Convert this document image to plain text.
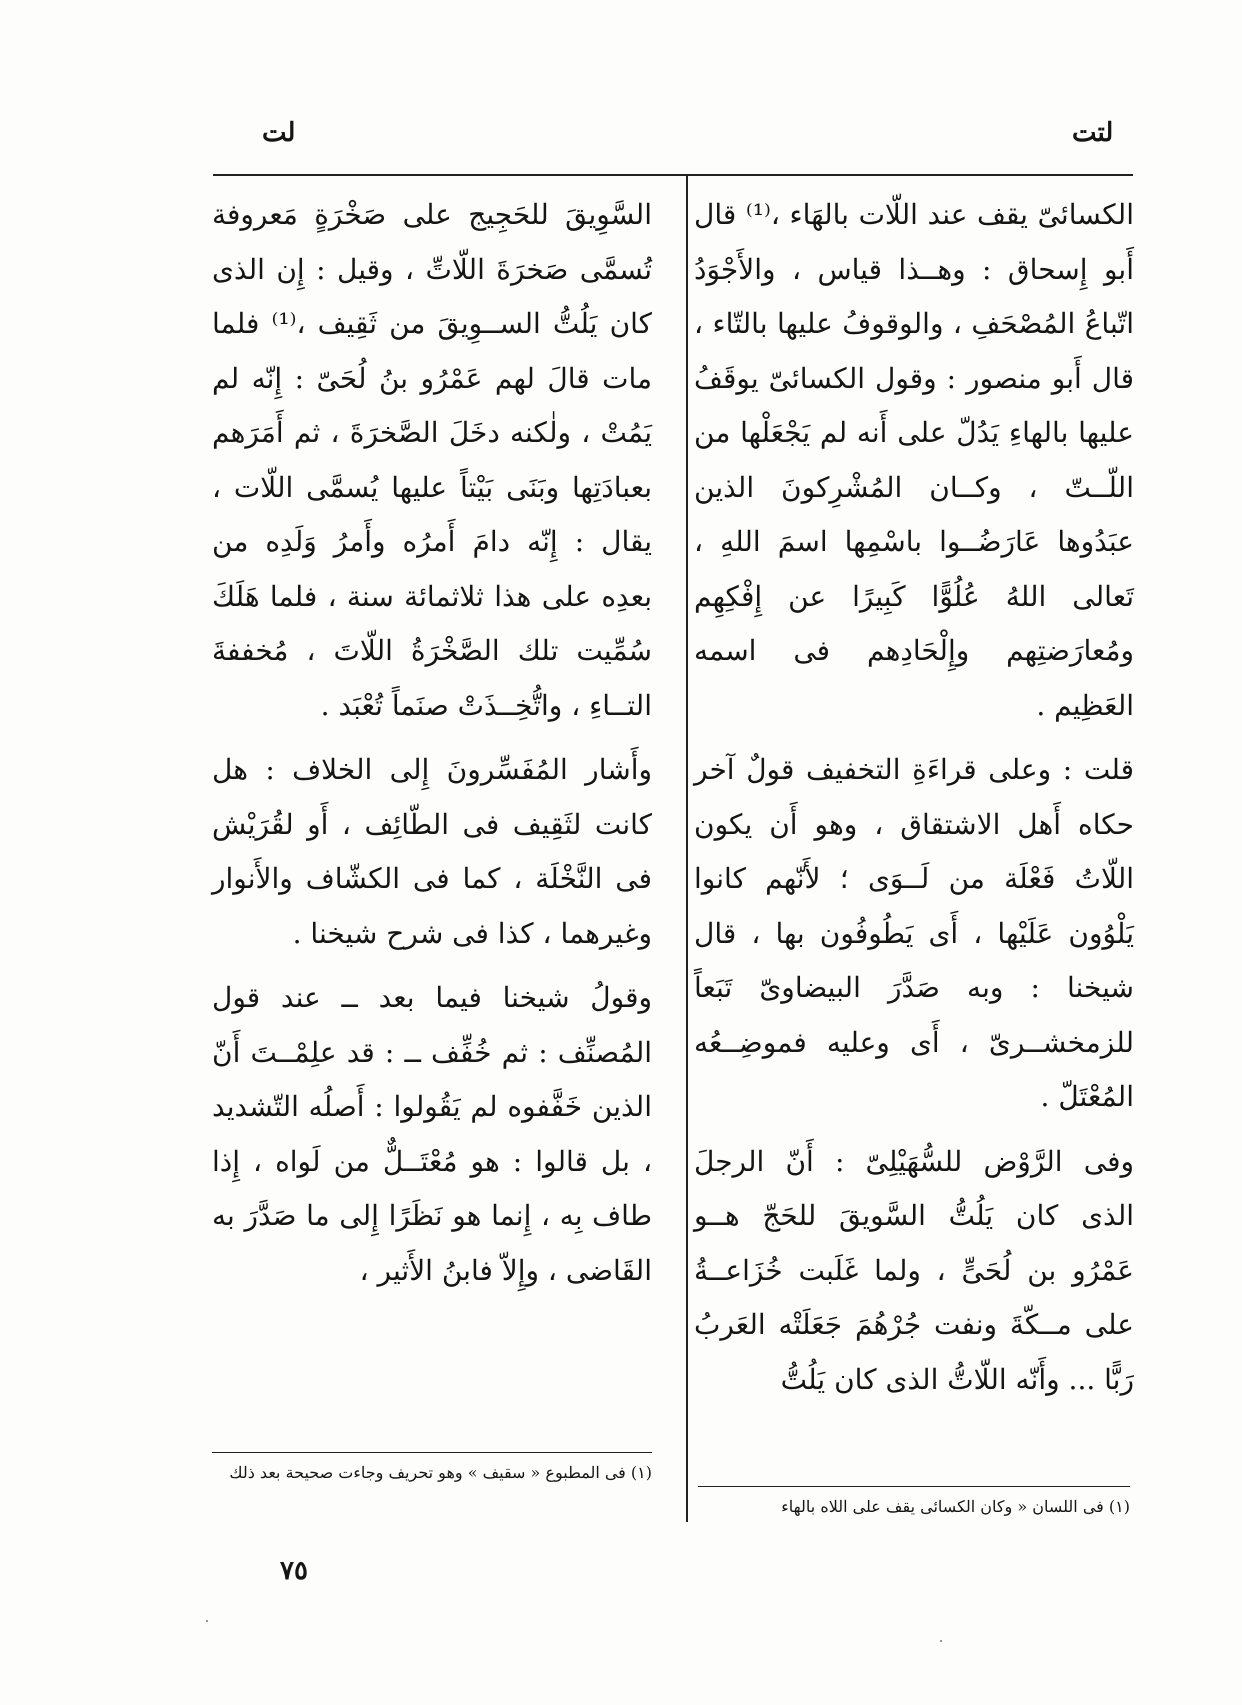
لتت
لت

الكسائىّ يقف عند اللّات بالهَاء ،⁽¹⁾ قال أَبو إِسحاق : وهــذا قياس ، والأَجْوَدُ اتّباعُ المُصْحَفِ ، والوقوفُ عليها بالتّاء ، قال أَبو منصور : وقول الكسائىّ يوقَفُ عليها بالهاءِ يَدُلّ على أَنه لم يَجْعَلْها من اللّــتّ ، وكــان المُشْرِكونَ الذين عبَدُوها عَارَضُــوا باسْمِها اسمَ اللهِ ، تَعالى اللهُ عُلُوًّا كَبِيرًا عن إِفْكِهِم ومُعارَضتِهم وإِلْحَادِهم فى اسمه العَظِيم .

قلت : وعلى قراءَةِ التخفيف قولٌ آخر حكاه أَهل الاشتقاق ، وهو أَن يكون اللّاتُ فَعْلَة من لَــوَى ؛ لأَنّهم كانوا يَلْوُون عَلَيْها ، أَى يَطُوفُون بها ، قال شيخنا : وبه صَدَّرَ البيضاوىّ تَبَعاً للزمخشــرىّ ، أَى وعليه فموضِــعُه المُعْتَلّ .

وفى الرَّوْض للسُّهَيْلِىّ : أَنّ الرجلَ الذى كان يَلُتُّ السَّويقَ للحَجّ هــو عَمْرُو بن لُحَىٍّ ، ولما غَلَبت خُزَاعــةُ على مــكّةَ ونفت جُرْهُمَ جَعَلَتْه العَربُ رَبًّا ... وأَنّه اللّاتُّ الذى كان يَلُتُّ

السَّوِيقَ للحَجِيج على صَخْرَةٍ مَعروفة تُسمَّى صَخرَةَ اللّاتِّ ، وقيل : إِن الذى كان يَلُتُّ الســوِيقَ من ثَقِيف ،⁽¹⁾ فلما مات قالَ لهم عَمْرُو بنُ لُحَىّ : إِنّه لم يَمُتْ ، ولٰكنه دخَلَ الصَّخرَةَ ، ثم أَمَرَهم بعبادَتِها وبَنَى بَيْتاً عليها يُسمَّى اللّات ، يقال : إِنّه دامَ أَمرُه وأَمرُ وَلَدِه من بعدِه على هذا ثلاثمائة سنة ، فلما هَلَكَ سُمِّيت تلك الصَّخْرَةُ اللّاتَ ، مُخففةَ التــاءِ ، واتُّخِــذَتْ صنَماً تُعْبَد .

وأَشار المُفَسِّرونَ إِلى الخلاف : هل كانت لثَقِيف فى الطّائِف ، أَو لقُرَيْش فى النَّخْلَة ، كما فى الكشّاف والأَنوار وغيرهما ، كذا فى شرح شيخنا .

وقولُ شيخنا فيما بعد ــ عند قول المُصنِّف : ثم خُفِّف ــ : قد علِمْــتَ أَنّ الذين خَفَّفوه لم يَقُولوا : أَصلُه التّشديد ، بل قالوا : هو مُعْتَــلٌّ من لَواه ، إِذا طاف بِه ، إِنما هو نَظَرًا إِلى ما صَدَّرَ به القَاضى ، وإِلاّ فابنُ الأَثير ،

(١) فى اللسان « وكان الكسائى يقف على اللاه بالهاء
(١) فى المطبوع « سقيف » وهو تحريف وجاءت صحيحة بعد ذلك
٧٥
